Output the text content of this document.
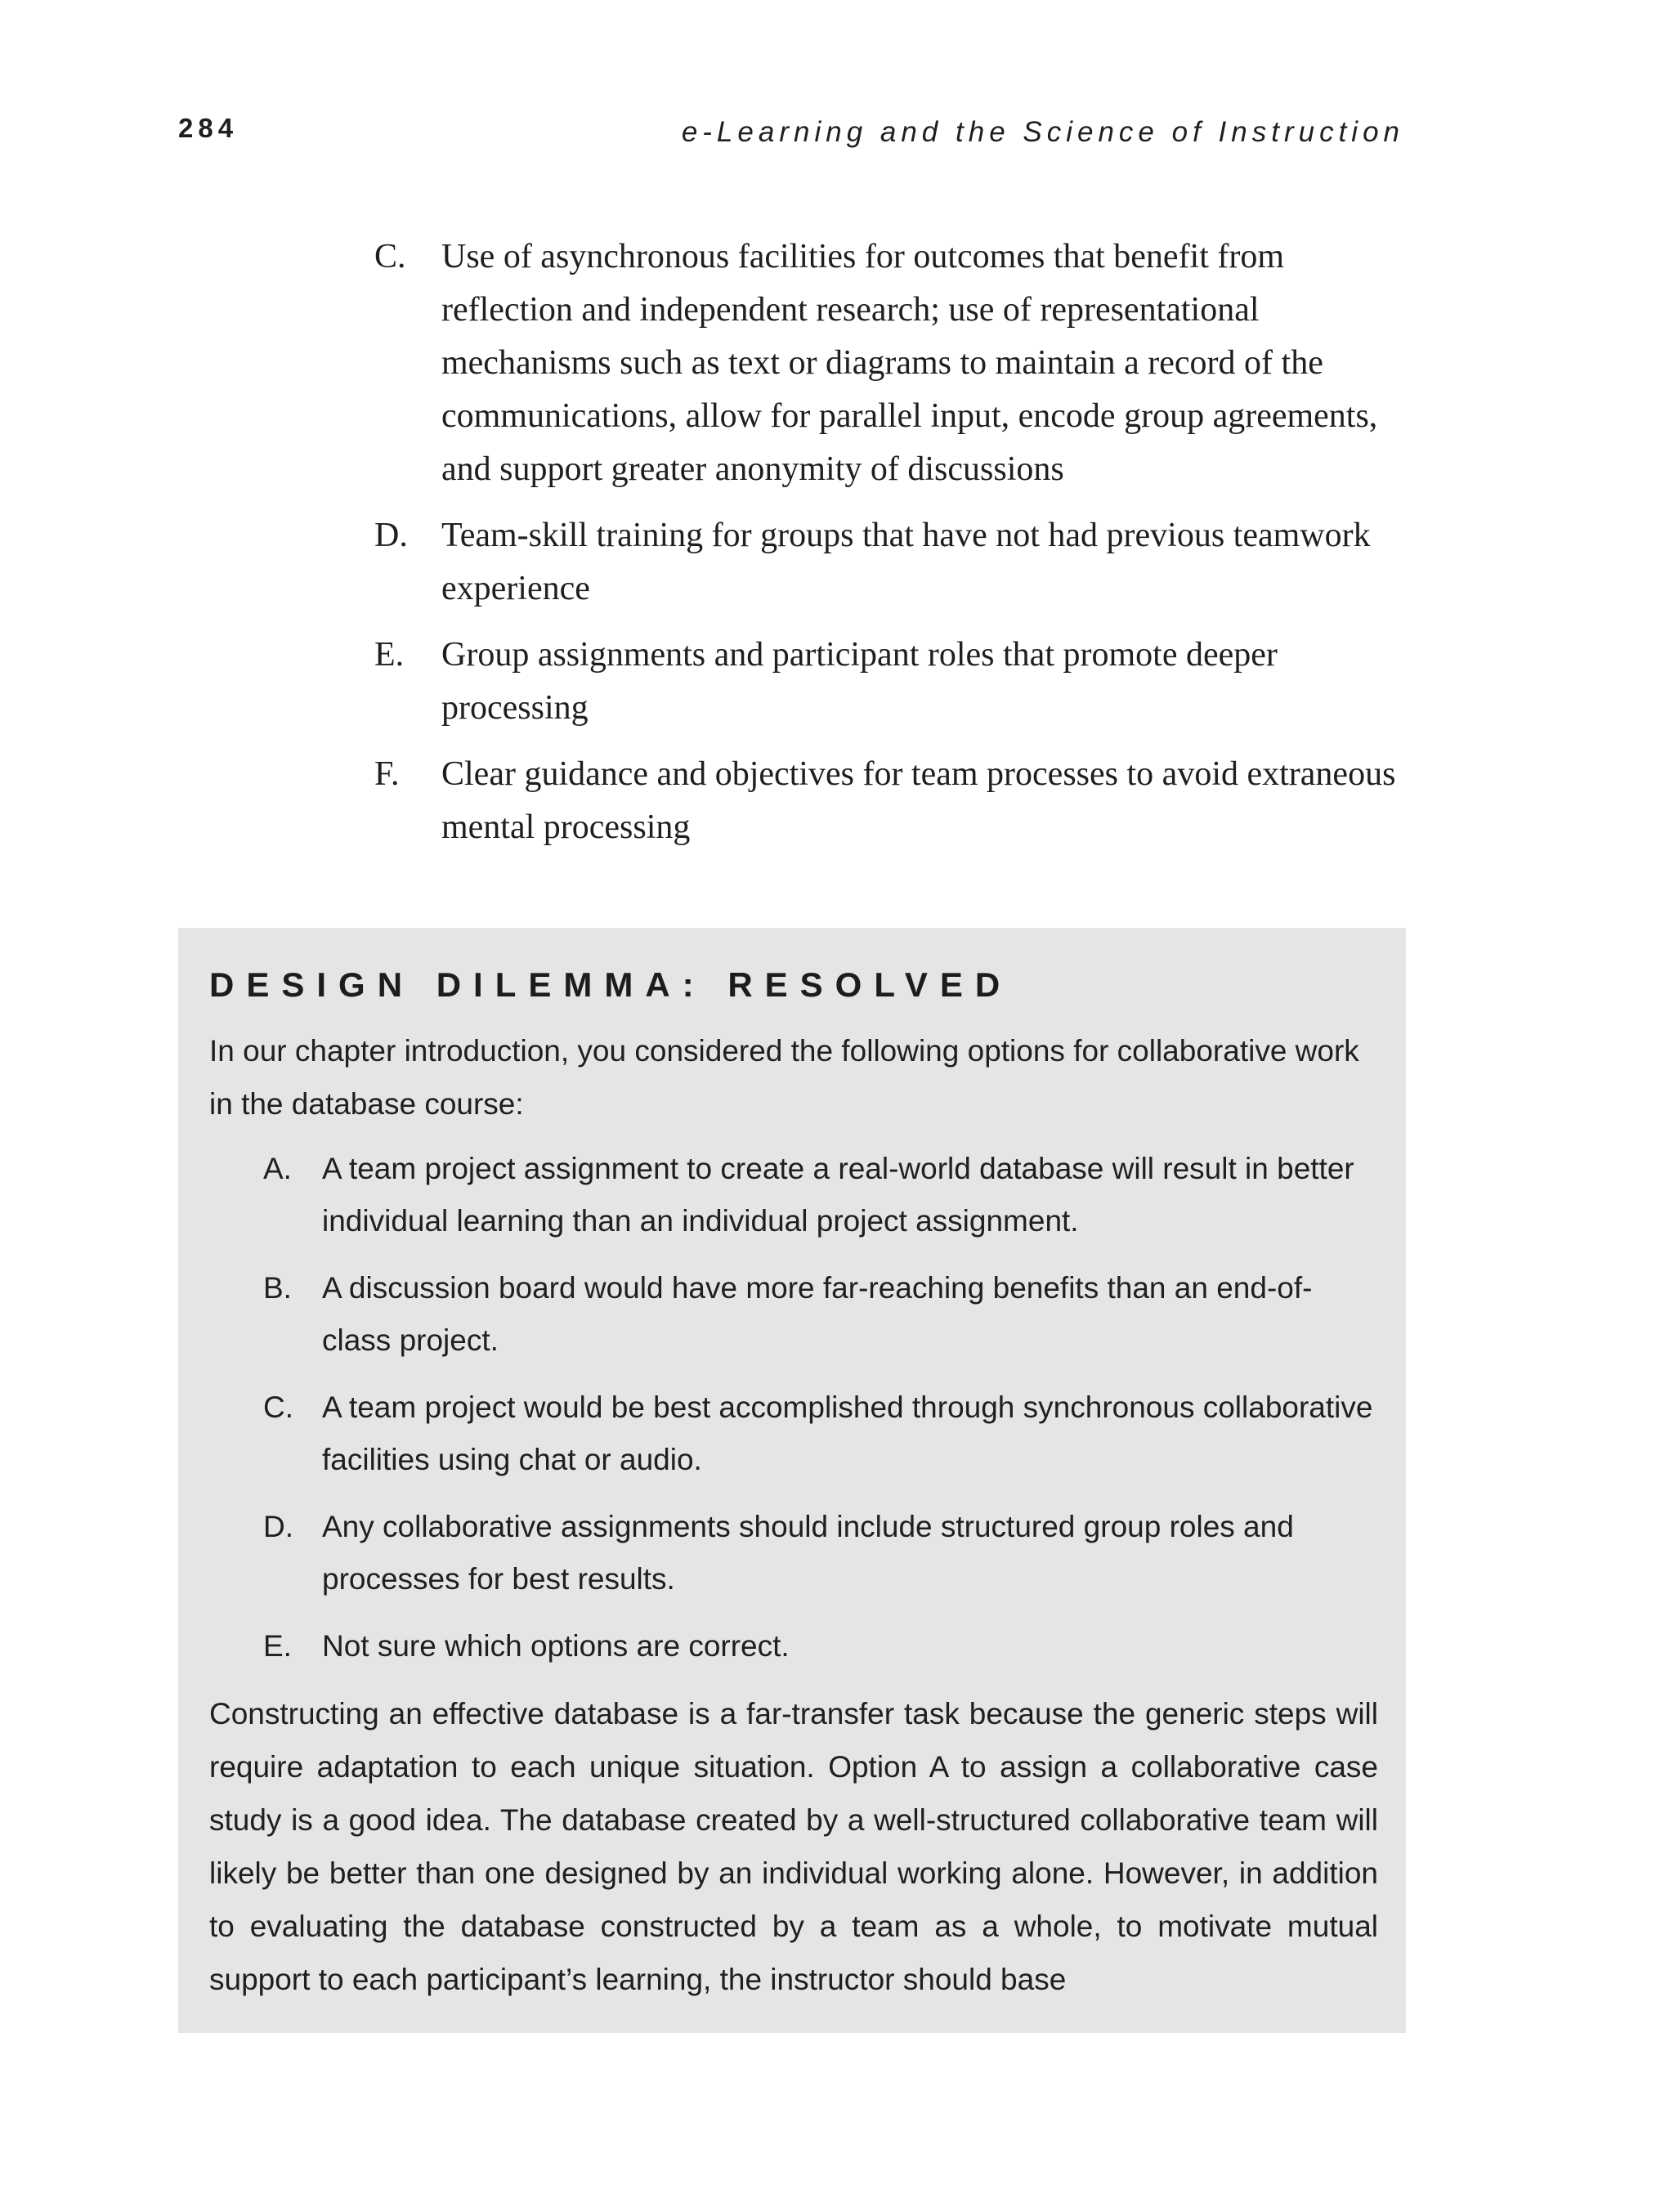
284	e-Learning and the Science of Instruction
C.	Use of asynchronous facilities for outcomes that benefit from reflection and independent research; use of representational mechanisms such as text or diagrams to maintain a record of the communications, allow for parallel input, encode group agreements, and support greater anonymity of discussions
D. Team-skill training for groups that have not had previous teamwork experience
E.	Group assignments and participant roles that promote deeper processing
F.	Clear guidance and objectives for team processes to avoid extraneous mental processing
DESIGN DILEMMA: RESOLVED

In our chapter introduction, you considered the following options for collaborative work in the database course:

A.	A team project assignment to create a real-world database will result in better individual learning than an individual project assignment.
B.	A discussion board would have more far-reaching benefits than an end-of-class project.
C. A team project would be best accomplished through synchronous collaborative facilities using chat or audio.
D. Any collaborative assignments should include structured group roles and processes for best results.
E.	Not sure which options are correct.

Constructing an effective database is a far-transfer task because the generic steps will require adaptation to each unique situation. Option A to assign a collaborative case study is a good idea. The database created by a well-structured collaborative team will likely be better than one designed by an individual working alone. However, in addition to evaluating the database constructed by a team as a whole, to motivate mutual support to each participant’s learning, the instructor should base
